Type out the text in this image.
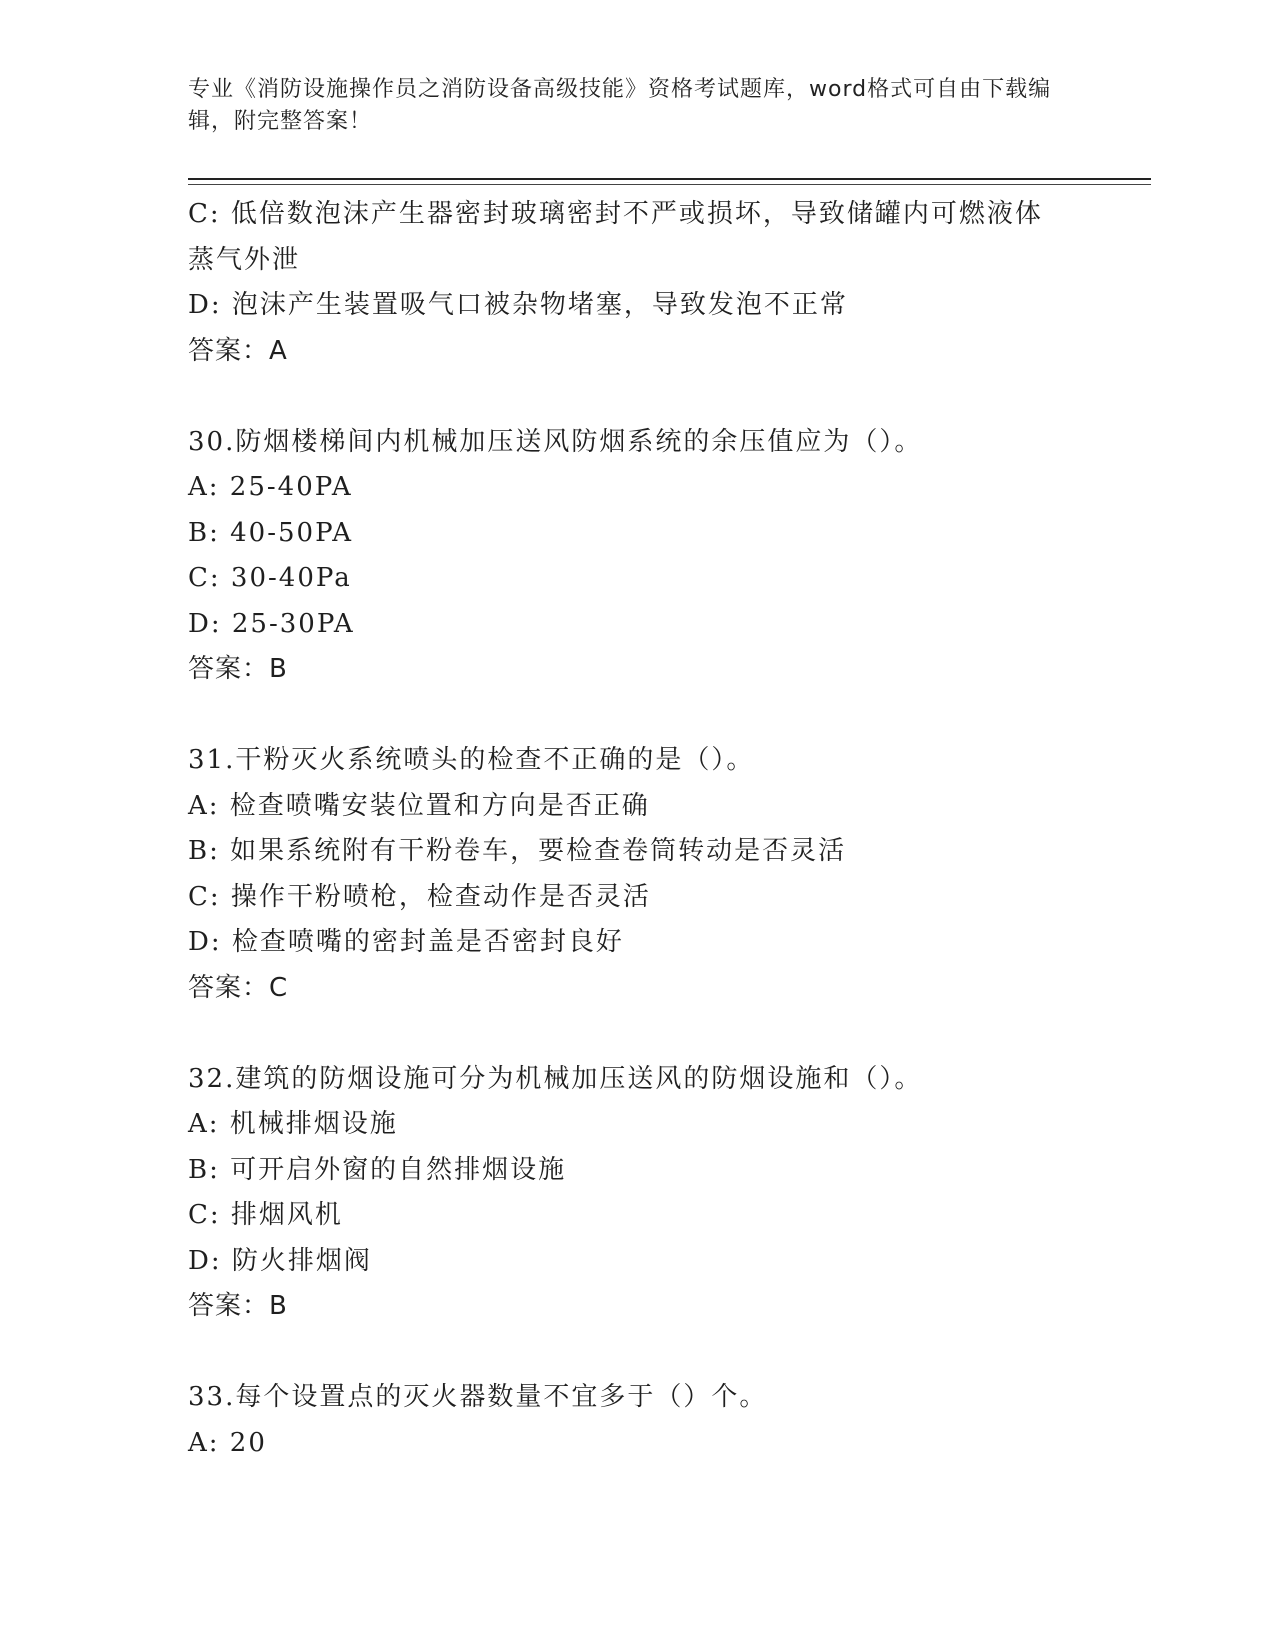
专业《消防设施操作员之消防设备高级技能》资格考试题库，word格式可自由下载编辑，附完整答案！
C: 低倍数泡沫产生器密封玻璃密封不严或损坏，导致储罐内可燃液体蒸气外泄
D: 泡沫产生装置吸气口被杂物堵塞，导致发泡不正常
答案：A
30.防烟楼梯间内机械加压送风防烟系统的余压值应为（）。
A: 25-40PA
B: 40-50PA
C: 30-40Pa
D: 25-30PA
答案：B
31.干粉灭火系统喷头的检查不正确的是（）。
A: 检查喷嘴安装位置和方向是否正确
B: 如果系统附有干粉卷车，要检查卷筒转动是否灵活
C: 操作干粉喷枪，检查动作是否灵活
D: 检查喷嘴的密封盖是否密封良好
答案：C
32.建筑的防烟设施可分为机械加压送风的防烟设施和（）。
A: 机械排烟设施
B: 可开启外窗的自然排烟设施
C: 排烟风机
D: 防火排烟阀
答案：B
33.每个设置点的灭火器数量不宜多于（）个。
A: 20
